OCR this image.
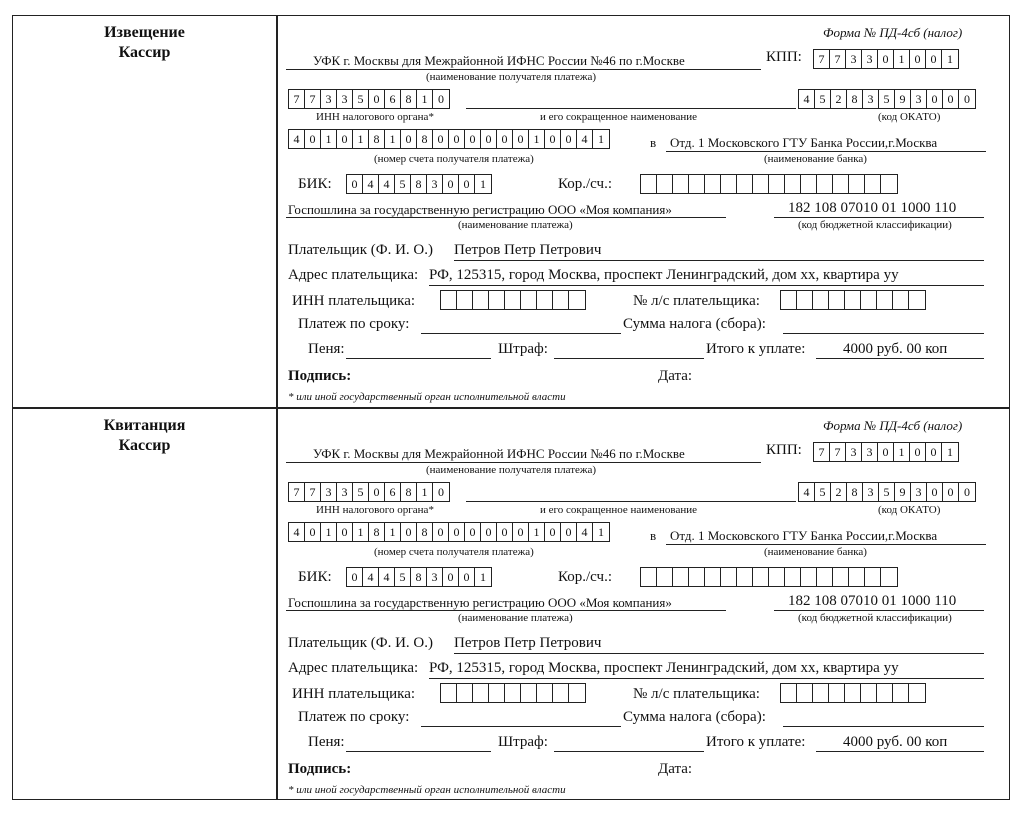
Извещение
Кассир
Форма № ПД-4сб (налог)
УФК г. Москвы для Межрайонной ИФНС России №46 по г.Москве	КПП:	7 7 3 3 0 1 0 0 1
(наименование получателя платежа)
7 7 3 3 5 0 6 8 1 0	4 5 2 8 3 5 9 3 0 0 0
ИНН налогового органа*	и его сокращенное наименование	(код ОКАТО)
4 0 1 0 1 8 1 0 8 0 0 0 0 0 0 1 0 0 4 1	в Отд. 1 Московского ГТУ Банка России,г.Москва
(номер счета получателя платежа)	(наименование банка)
БИК:	0 4 4 5 8 3 0 0 1	Кор./сч.:
Госпошлина за государственную регистрацию ООО «Моя компания»	182 108 07010 01 1000 110
(наименование платежа)	(код бюджетной классификации)
Плательщик (Ф. И. О.) Петров Петр Петрович
Адрес плательщика: РФ, 125315, город Москва, проспект Ленинградский, дом хх, квартира уу
ИНН плательщика:	№ л/с плательщика:
Платеж по сроку:	Сумма налога (сбора):
Пеня:	Штраф:	Итого к уплате:	4000 руб. 00 коп
Подпись:	Дата:
* или иной государственный орган исполнительной власти
Квитанция
Кассир
Форма № ПД-4сб (налог)
УФК г. Москвы для Межрайонной ИФНС России №46 по г.Москве	КПП:	7 7 3 3 0 1 0 0 1
(наименование получателя платежа)
7 7 3 3 5 0 6 8 1 0	4 5 2 8 3 5 9 3 0 0 0
ИНН налогового органа*	и его сокращенное наименование	(код ОКАТО)
4 0 1 0 1 8 1 0 8 0 0 0 0 0 0 1 0 0 4 1	в Отд. 1 Московского ГТУ Банка России,г.Москва
(номер счета получателя платежа)	(наименование банка)
БИК:	0 4 4 5 8 3 0 0 1	Кор./сч.:
Госпошлина за государственную регистрацию ООО «Моя компания»	182 108 07010 01 1000 110
(наименование платежа)	(код бюджетной классификации)
Плательщик (Ф. И. О.) Петров Петр Петрович
Адрес плательщика: РФ, 125315, город Москва, проспект Ленинградский, дом хх, квартира уу
ИНН плательщика:	№ л/с плательщика:
Платеж по сроку:	Сумма налога (сбора):
Пеня:	Штраф:	Итого к уплате:	4000 руб. 00 коп
Подпись:	Дата:
* или иной государственный орган исполнительной власти
